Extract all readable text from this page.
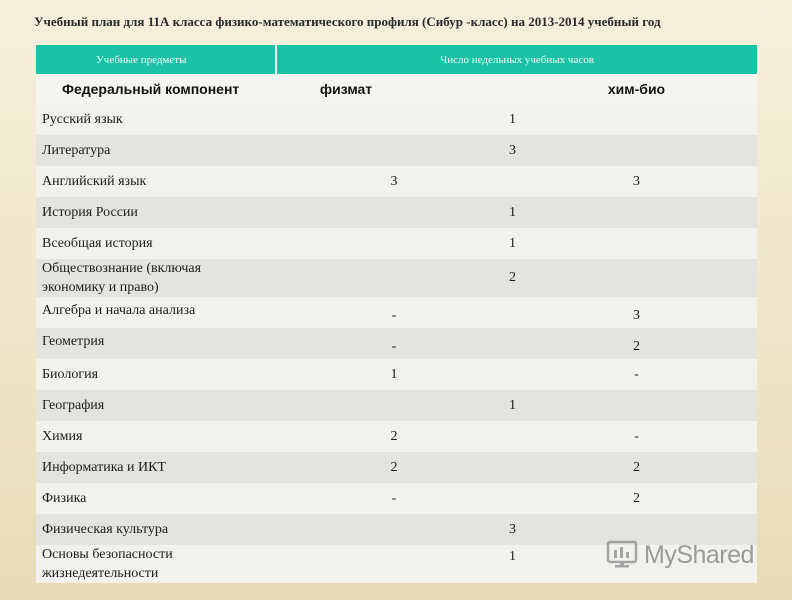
Учебный план для 11А класса физико-математического профиля (Сибур -класс) на 2013-2014 учебный год
Учебные предметы	Число недельных учебных часов	
Федеральный компонент	физмат	хим-био
Русский язык	1	
Литература	3	
Английский язык	3	3
История России	1	
Всеобщая история	1	
Обществознание (включая
экономику и право)	2	
Алгебра и начала анализа	-	3
Геометрия	-	2
Биология	1	-
География	1	
Химия	2	-
Информатика и ИКТ	2	2
Физика	-	2
Физическая культура	3	
Основы безопасности
жизнедеятельности	1		MyShared
